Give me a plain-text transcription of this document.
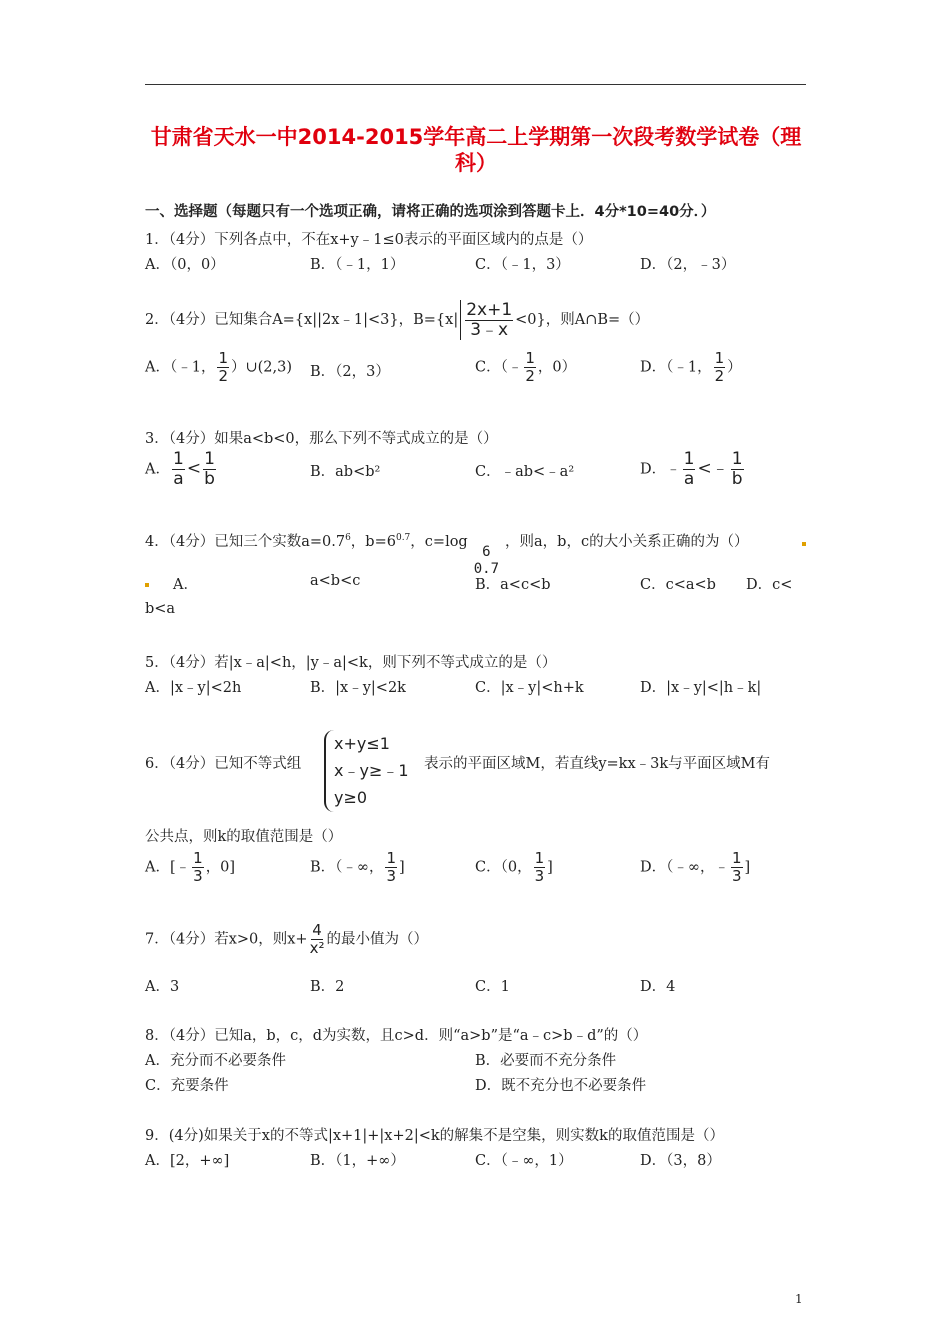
甘肃省天水一中2014-2015学年高二上学期第一次段考数学试卷（理
科）
一、选择题（每题只有一个选项正确，请将正确的选项涂到答题卡上．4分*10=40分．）
1．（4分）下列各点中，不在x+y﹣1≤0表示的平面区域内的点是（）
A．（0，0）	B．（﹣1，1）	C．（﹣1，3）	D．（2，﹣3）
2．（4分）已知集合A={x||2x﹣1|<3}，$B=\{x| \frac{2x+1}{3﹣x} <0\}$，则A∩B=（）
A．（﹣1， $\frac{1}{2}$ ）∪(2,3) B．（2，3）	C．（﹣ $\frac{1}{2}$ ，0）	D．（﹣1， $\frac{1}{2}$ ）
3．（4分）如果a<b<0，那么下列不等式成立的是（）
A． $\frac{1}{a} < \frac{1}{b}$	B．ab<b²	C．﹣ab<﹣a²	D．﹣ $\frac{1}{a}$ <﹣ $\frac{1}{b}$
4．（4分）已知三个实数$a=0.7^6$，$b=6^{0.7}$，c=log
6
0.7
，则a，b，c的大小关系正确的为（）
A．	a<b<c	B．a<c<b	C．c<a<b D．c<
b<a
5．（4分）若|x﹣a|<h，|y﹣a|<k，则下列不等式成立的是（）
A．|x﹣y|<2h	B．|x﹣y|<2k	C．|x﹣y|<h+k	D．|x﹣y|<|h﹣k|
6．（4分）已知不等式组
x+y≤1
x﹣y≥﹣1
y≥0
表示的平面区域M，若直线y=kx﹣3k与平面区域M有
公共点，则k的取值范围是（）
A．[﹣ $\frac{1}{3}$ ，0]	B．（﹣∞， $\frac{1}{3}$ ]	C．（0， $\frac{1}{3}$ ]	D．（﹣∞，﹣ $\frac{1}{3}$ ]
7．（4分）若x>0，则$x+ \frac{4}{\text{x²}}$ 的最小值为（）
A．3	B．2	C．1	D．4
8．（4分）已知a，b，c，d为实数，且c>d．则“a>b”是“a﹣c>b﹣d”的（）
A．充分而不必要条件	B．必要而不充分条件
C．充要条件	D．既不充分也不必要条件
9．(4分)如果关于x的不等式|x+1|+|x+2|<k的解集不是空集，则实数k的取值范围是（）
A．[2，+∞]	B．（1，+∞）	C．（﹣∞，1）	D．（3，8）
1
